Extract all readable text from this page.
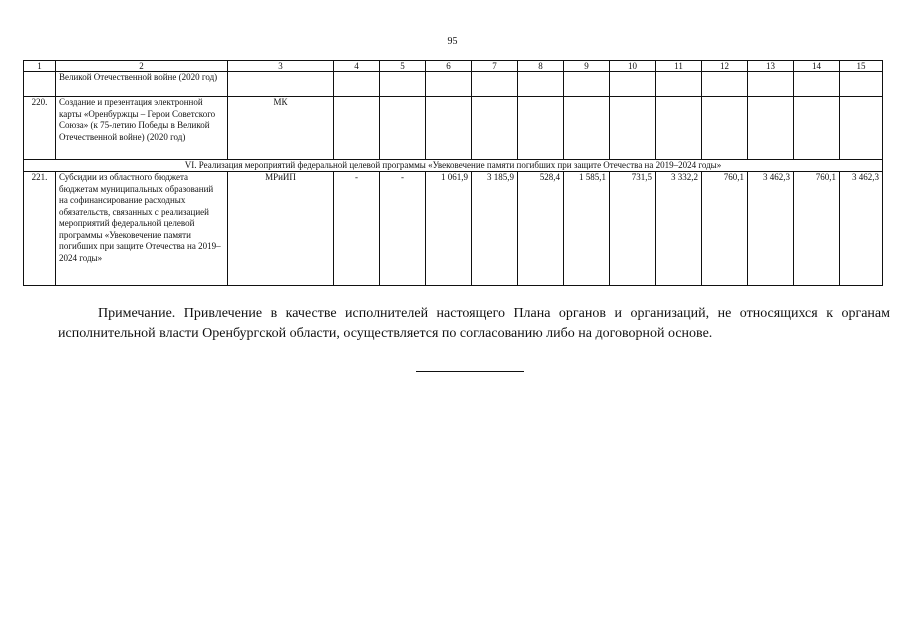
95
1	2	3	4	5	6	7	8	9	10	11	12	13	14	15
	Великой Отечественной войне (2020 год)													
220.	Создание и презентация электронной карты «Оренбуржцы – Герои Советского Союза» (к 75-летию Победы в Великой Отечественной войне) (2020 год)	МК												
VI. Реализация мероприятий федеральной целевой программы «Увековечение памяти погибших при защите Отечества на 2019–2024 годы»														
221.	Субсидии из областного бюджета бюджетам муниципальных образований на софинансирование расходных обязательств, связанных с реализацией мероприятий федеральной целевой программы «Увековечение памяти погибших при защите Отечества на 2019–2024 годы»	МРиИП	-	-	1 061,9	3 185,9	528,4	1 585,1	731,5	3 332,2	760,1	3 462,3	760,1	3 462,3
Примечание. Привлечение в качестве исполнителей настоящего Плана органов и организаций, не относящихся к органам исполнительной власти Оренбургской области, осуществляется по согласованию либо на договорной основе.
